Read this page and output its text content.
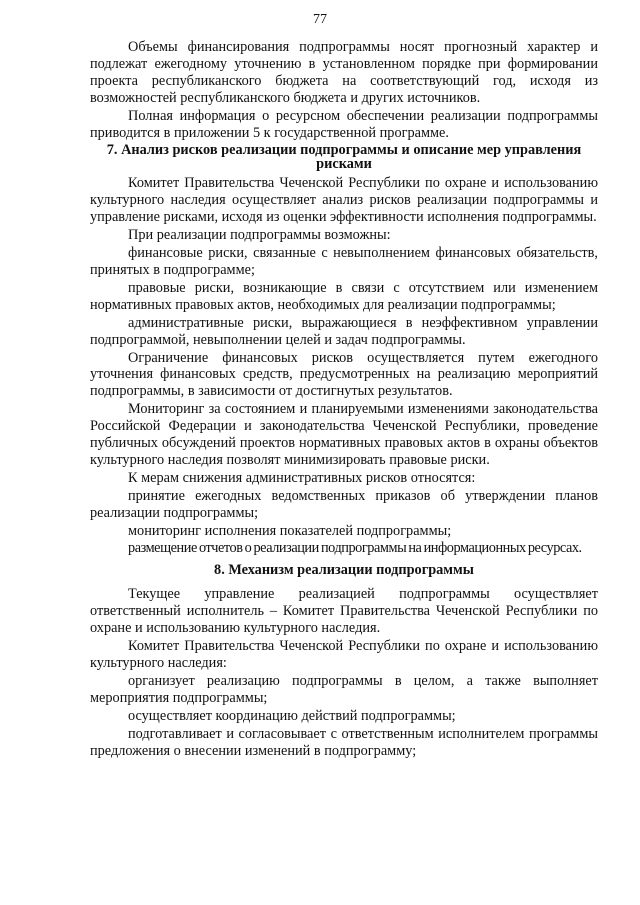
77

Объемы финансирования подпрограммы носят прогнозный характер и подлежат ежегодному уточнению в установленном порядке при формировании проекта республиканского бюджета на соответствующий год, исходя из возможностей республиканского бюджета и других источников.

Полная информация о ресурсном обеспечении реализации подпрограммы приводится в приложении 5 к государственной программе.

7. Анализ рисков реализации подпрограммы и описание мер управления рисками

Комитет Правительства Чеченской Республики по охране и использованию культурного наследия осуществляет анализ рисков реализации подпрограммы и управление рисками, исходя из оценки эффективности исполнения подпрограммы.

При реализации подпрограммы возможны:

финансовые риски, связанные с невыполнением финансовых обязательств, принятых в подпрограмме;

правовые риски, возникающие в связи с отсутствием или изменением нормативных правовых актов, необходимых для реализации подпрограммы;

административные риски, выражающиеся в неэффективном управлении подпрограммой, невыполнении целей и задач подпрограммы.

Ограничение финансовых рисков осуществляется путем ежегодного уточнения финансовых средств, предусмотренных на реализацию мероприятий подпрограммы, в зависимости от достигнутых результатов.

Мониторинг за состоянием и планируемыми изменениями законодательства Российской Федерации и законодательства Чеченской Республики, проведение публичных обсуждений проектов нормативных правовых актов в охраны объектов культурного наследия позволят минимизировать правовые риски.

К мерам снижения административных рисков относятся:

принятие ежегодных ведомственных приказов об утверждении планов реализации подпрограммы;

мониторинг исполнения показателей подпрограммы;

размещение отчетов о реализации подпрограммы на информационных ресурсах.

8. Механизм реализации подпрограммы

Текущее управление реализацией подпрограммы осуществляет ответственный исполнитель – Комитет Правительства Чеченской Республики по охране и использованию культурного наследия.

Комитет Правительства Чеченской Республики по охране и использованию культурного наследия:

организует реализацию подпрограммы в целом, а также выполняет мероприятия подпрограммы;

осуществляет координацию действий подпрограммы;

подготавливает и согласовывает с ответственным исполнителем программы предложения о внесении изменений в подпрограмму;
